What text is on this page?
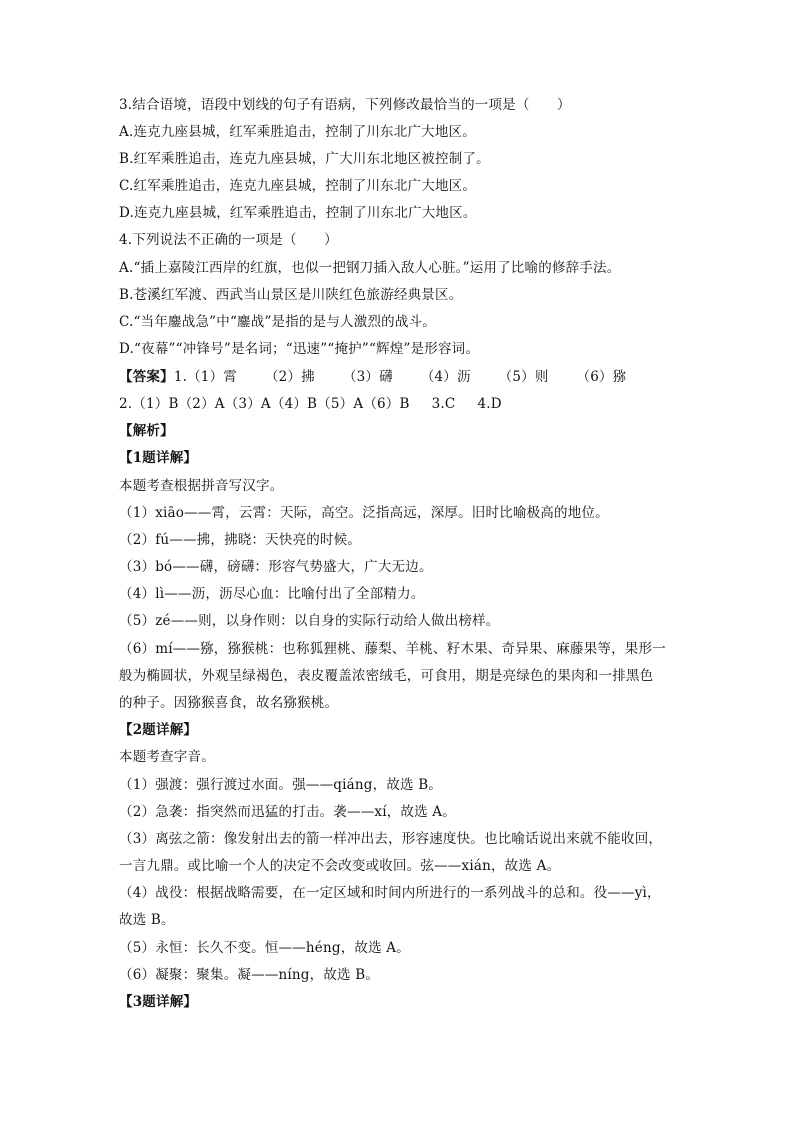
3.结合语境，语段中划线的句子有语病，下列修改最恰当的一项是（　　）
A.连克九座县城，红军乘胜追击，控制了川东北广大地区。
B.红军乘胜追击，连克九座县城，广大川东北地区被控制了。
C.红军乘胜追击，连克九座县城，控制了川东北广大地区。
D.连克九座县城，红军乘胜追击，控制了川东北广大地区。
4.下列说法不正确的一项是（　　）
A.“插上嘉陵江西岸的红旗，也似一把钢刀插入敌人心脏。”运用了比喻的修辞手法。
B.苍溪红军渡、西武当山景区是川陕红色旅游经典景区。
C.“当年鏖战急”中“鏖战”是指的是与人激烈的战斗。
D.“夜幕”“冲锋号”是名词；“迅速”“掩护”“辉煌”是形容词。
【答案】1.（1）霄 （2）拂 （3）礴 （4）沥 （5）则 （6）猕
2.（1）B（2）A（3）A（4）B（5）A（6）B 3.C 4.D
【解析】
【1题详解】
本题考查根据拼音写汉字。
（1）xiāo——霄，云霄：天际，高空。泛指高远，深厚。旧时比喻极高的地位。
（2）fú——拂，拂晓：天快亮的时候。
（3）bó——礴，磅礴：形容气势盛大，广大无边。
（4）lì——沥，沥尽心血：比喻付出了全部精力。
（5）zé——则，以身作则：以自身的实际行动给人做出榜样。
（6）mí——猕，猕猴桃：也称狐狸桃、藤梨、羊桃、籽木果、奇异果、麻藤果等，果形一
般为椭圆状，外观呈绿褐色，表皮覆盖浓密绒毛，可食用，期是亮绿色的果肉和一排黑色
的种子。因猕猴喜食，故名猕猴桃。
【2题详解】
本题考查字音。
（1）强渡：强行渡过水面。强——qiáng，故选 B。
（2）急袭：指突然而迅猛的打击。袭——xí，故选 A。
（3）离弦之箭：像发射出去的箭一样冲出去，形容速度快。也比喻话说出来就不能收回，
一言九鼎。或比喻一个人的决定不会改变或收回。弦——xián，故选 A。
（4）战役：根据战略需要，在一定区域和时间内所进行的一系列战斗的总和。役——yì，
故选 B。
（5）永恒：长久不变。恒——héng，故选 A。
（6）凝聚：聚集。凝——níng，故选 B。
【3题详解】
